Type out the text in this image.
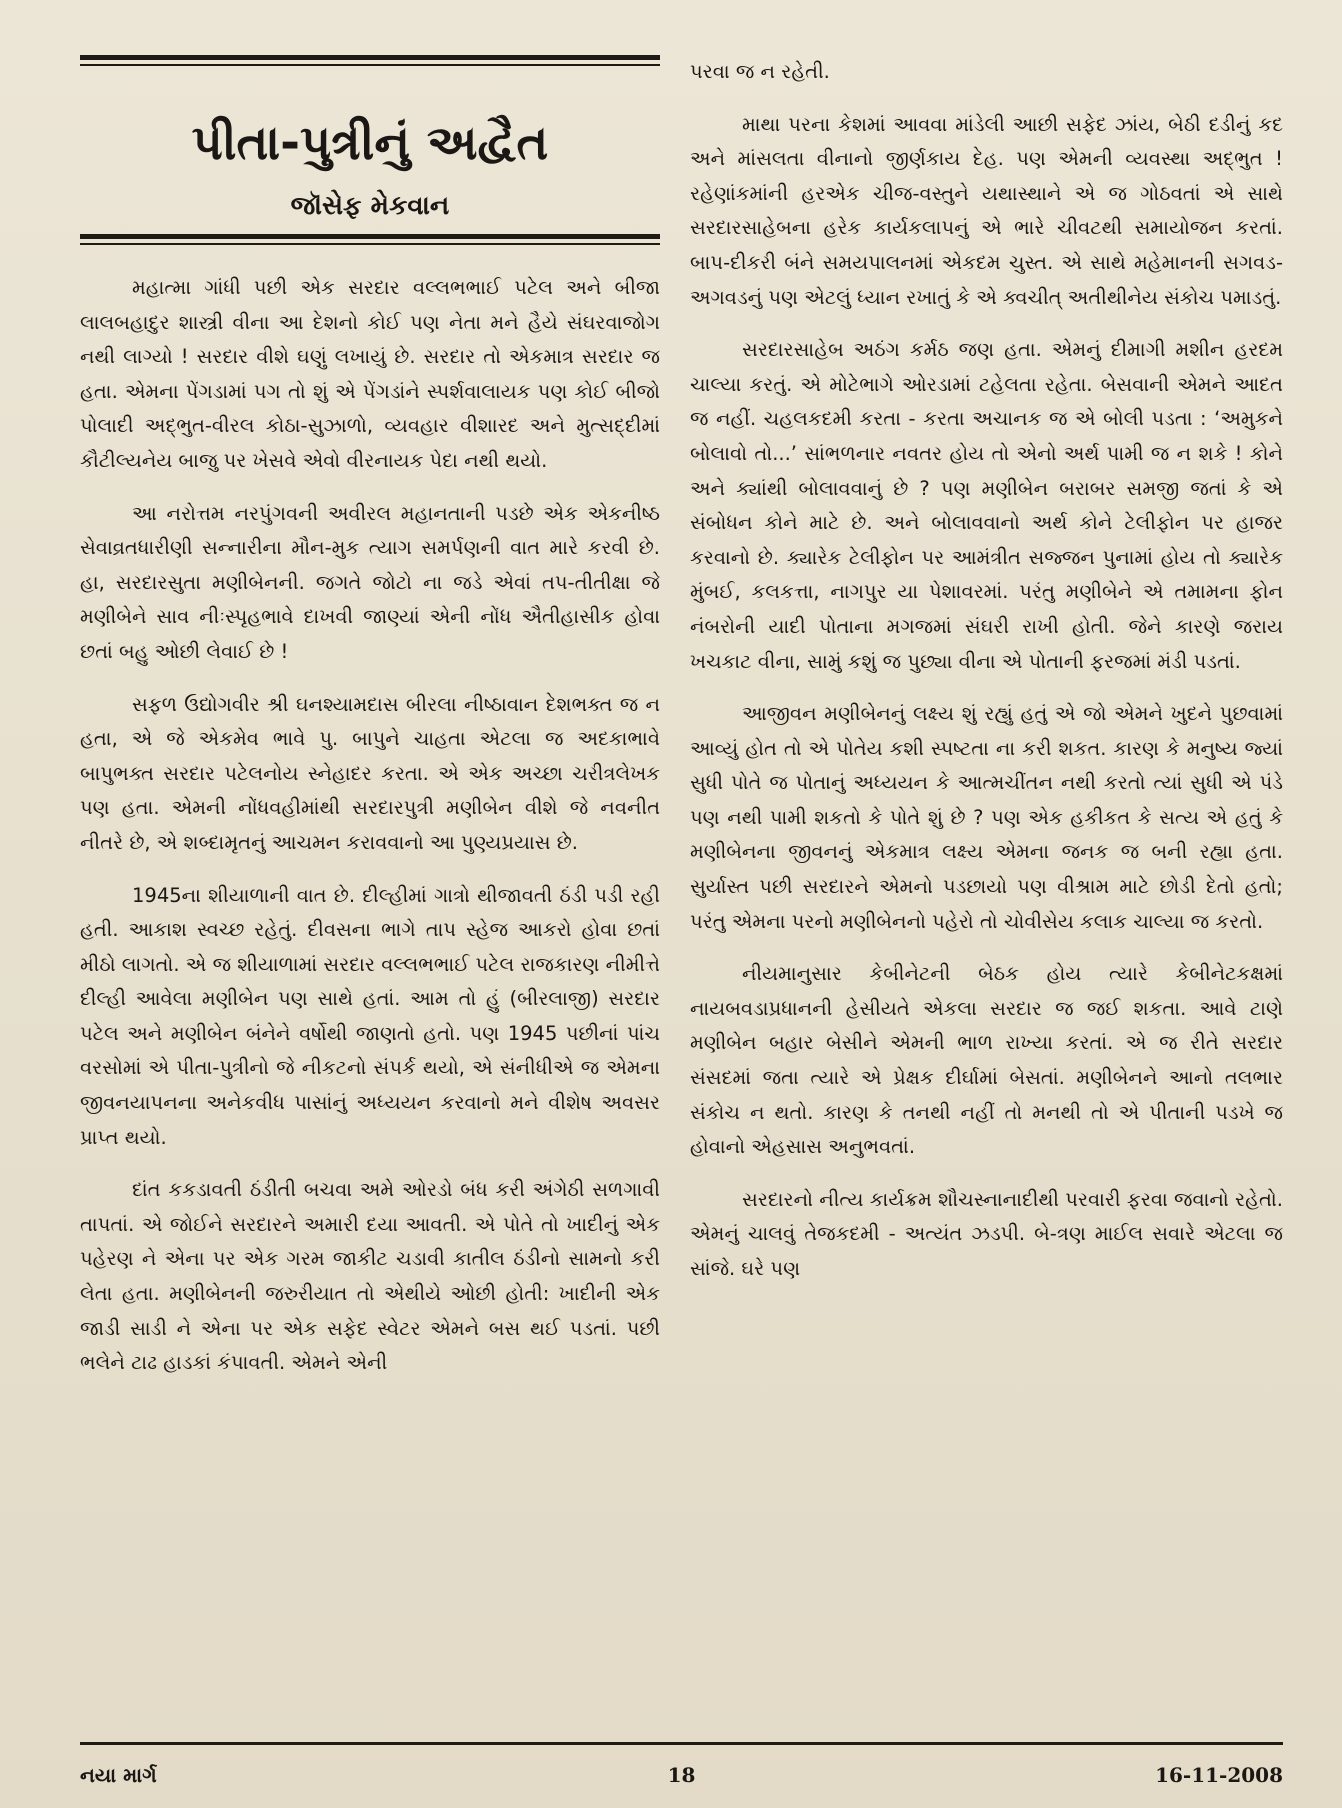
પીતા-પુત્રીનું અદ્વૈત
જૉસેફ મેકવાન

મહાત્મા ગાંધી પછી એક સરદાર વલ્લભભાઈ પટેલ અને બીજા લાલબહાદુર શાસ્ત્રી વીના આ દેશનો કોઈ પણ નેતા મને હૈયે સંઘરવાજોગ નથી લાગ્યો ! સરદાર વીશે ઘણું લખાયું છે. સરદાર તો એકમાત્ર સરદાર જ હતા. એમના પેંગડામાં પગ તો શું એ પેંગડાંને સ્પર્શવાલાયક પણ કોઈ બીજો પોલાદી અદ્ભુત-વીરલ કોઠા-સુઝાળો, વ્યવહાર વીશારદ અને મુત્સદ્દીમાં કૌટીલ્યનેય બાજુ પર ખેસવે એવો વીરનાયક પેદા નથી થયો.

આ નરોત્તમ નરપુંગવની અવીરલ મહાનતાની પડછે એક એકનીષ્ઠ સેવાવ્રતધારીણી સન્નારીના મૌન-મુક ત્યાગ સમર્પણની વાત મારે કરવી છે. હા, સરદારસુતા મણીબેનની. જગતે જોટો ના જડે એવાં તપ-તીતીક્ષા જે મણીબેને સાવ નીઃસ્પૃહભાવે દાખવી જાણ્યાં એની નોંધ ઐતીહાસીક હોવા છતાં બહુ ઓછી લેવાઈ છે !

સફળ ઉદ્યોગવીર શ્રી ઘનશ્યામદાસ બીરલા નીષ્ઠાવાન દેશભક્ત જ ન હતા, એ જે એકમેવ ભાવે પુ. બાપુને ચાહતા એટલા જ અદકાભાવે બાપુભક્ત સરદાર પટેલનોય સ્નેહાદર કરતા. એ એક અચ્છા ચરીત્રલેખક પણ હતા. એમની નોંધવહીમાંથી સરદારપુત્રી મણીબેન વીશે જે નવનીત નીતરે છે, એ શબ્દામૃતનું આચમન કરાવવાનો આ પુણ્યપ્રયાસ છે.

1945ના શીયાળાની વાત છે. દીલ્હીમાં ગાત્રો થીજાવતી ઠંડી પડી રહી હતી. આકાશ સ્વચ્છ રહેતું. દીવસના ભાગે તાપ સ્હેજ આકરો હોવા છતાં મીઠો લાગતો. એ જ શીયાળામાં સરદાર વલ્લભભાઈ પટેલ રાજકારણ નીમીત્તે દીલ્હી આવેલા મણીબેન પણ સાથે હતાં. આમ તો હું (બીરલાજી) સરદાર પટેલ અને મણીબેન બંનેને વર્ષોથી જાણતો હતો. પણ 1945 પછીનાં પાંચ વરસોમાં એ પીતા-પુત્રીનો જે નીકટનો સંપર્ક થયો, એ સંનીધીએ જ એમના જીવનયાપનના અનેકવીધ પાસાંનું અધ્યયન કરવાનો મને વીશેષ અવસર પ્રાપ્ત થયો.

દાંત કકડાવતી ઠંડીતી બચવા અમે ઓરડો બંધ કરી અંગેઠી સળગાવી તાપતાં. એ જોઈને સરદારને અમારી દયા આવતી. એ પોતે તો ખાદીનું એક પહેરણ ને એના પર એક ગરમ જાકીટ ચડાવી કાતીલ ઠંડીનો સામનો કરી લેતા હતા. મણીબેનની જરુરીયાત તો એથીયે ઓછી હોતી: ખાદીની એક જાડી સાડી ને એના પર એક સફેદ સ્વેટર એમને બસ થઈ પડતાં. પછી ભલેને ટાઢ હાડકાં કંપાવતી. એમને એની

પરવા જ ન રહેતી.

માથા પરના કેશમાં આવવા માંડેલી આછી સફેદ ઝાંય, બેઠી દડીનું કદ અને માંસલતા વીનાનો જીર્ણકાય દેહ. પણ એમની વ્યવસ્થા અદ્ભુત ! રહેણાંકમાંની હરએક ચીજ-વસ્તુને યથાસ્થાને એ જ ગોઠવતાં એ સાથે સરદારસાહેબના હરેક કાર્યકલાપનું એ ભારે ચીવટથી સમાયોજન કરતાં. બાપ-દીકરી બંને સમયપાલનમાં એકદમ ચુસ્ત. એ સાથે મહેમાનની સગવડ-અગવડનું પણ એટલું ધ્યાન રખાતું કે એ ક્વચીત્ અતીથીનેય સંકોચ પમાડતું.

સરદારસાહેબ અઠંગ કર્મઠ જણ હતા. એમનું દીમાગી મશીન હરદમ ચાલ્યા કરતું. એ મોટેભાગે ઓરડામાં ટહેલતા રહેતા. બેસવાની એમને આદત જ નહીં. ચહલકદમી કરતા - કરતા અચાનક જ એ બોલી પડતા : ‘અમુકને બોલાવો તો...’ સાંભળનાર નવતર હોય તો એનો અર્થ પામી જ ન શકે ! કોને અને ક્યાંથી બોલાવવાનું છે ? પણ મણીબેન બરાબર સમજી જતાં કે એ સંબોધન કોને માટે છે. અને બોલાવવાનો અર્થ કોને ટેલીફોન પર હાજર કરવાનો છે. ક્યારેક ટેલીફોન પર આમંત્રીત સજ્જન પુનામાં હોય તો ક્યારેક મુંબઈ, કલકત્તા, નાગપુર યા પેશાવરમાં. પરંતુ મણીબેને એ તમામના ફોન નંબરોની યાદી પોતાના મગજમાં સંઘરી રાખી હોતી. જેને કારણે જરાય ખચકાટ વીના, સામું કશું જ પુછ્યા વીના એ પોતાની ફરજમાં મંડી પડતાં.

આજીવન મણીબેનનું લક્ષ્ય શું રહ્યું હતું એ જો એમને ખુદને પુછવામાં આવ્યું હોત તો એ પોતેય કશી સ્પષ્ટતા ના કરી શકત. કારણ કે મનુષ્ય જ્યાં સુધી પોતે જ પોતાનું અધ્યયન કે આત્મચીંતન નથી કરતો ત્યાં સુધી એ પંડે પણ નથી પામી શકતો કે પોતે શું છે ? પણ એક હકીકત કે સત્ય એ હતું કે મણીબેનના જીવનનું એકમાત્ર લક્ષ્ય એમના જનક જ બની રહ્યા હતા. સુર્યાસ્ત પછી સરદારને એમનો પડછાયો પણ વીશ્રામ માટે છોડી દેતો હતો; પરંતુ એમના પરનો મણીબેનનો પહેરો તો ચોવીસેય કલાક ચાલ્યા જ કરતો.

નીયમાનુસાર કેબીનેટની બેઠક હોય ત્યારે કેબીનેટકક્ષમાં નાયબવડાપ્રધાનની હેસીયતે એકલા સરદાર જ જઈ શકતા. આવે ટાણે મણીબેન બહાર બેસીને એમની ભાળ રાખ્યા કરતાં. એ જ રીતે સરદાર સંસદમાં જતા ત્યારે એ પ્રેક્ષક દીર્ઘામાં બેસતાં. મણીબેનને આનો તલભાર સંકોચ ન થતો. કારણ કે તનથી નહીં તો મનથી તો એ પીતાની પડખે જ હોવાનો એહસાસ અનુભવતાં.

સરદારનો નીત્ય કાર્યક્રમ શૌચસ્નાનાદીથી પરવારી ફરવા જવાનો રહેતો. એમનું ચાલવું તેજકદમી - અત્યંત ઝડપી. બે-ત્રણ માઈલ સવારે એટલા જ સાંજે. ઘરે પણ

નયા માર્ગ	18	16-11-2008
